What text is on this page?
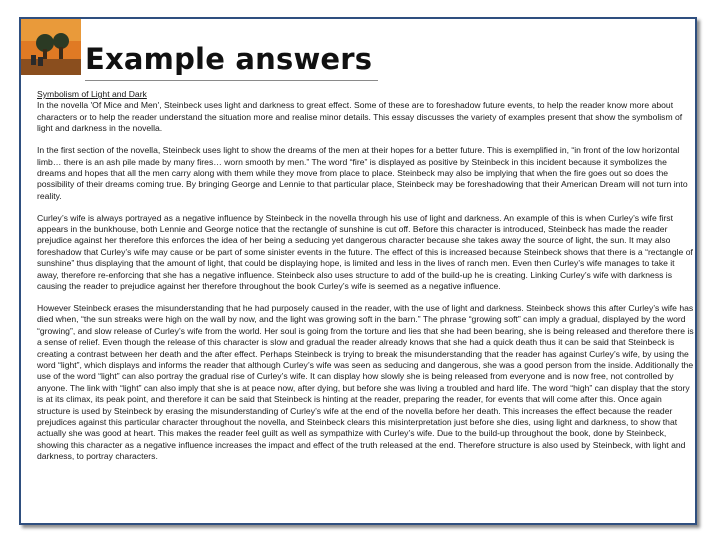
Example answers

Symbolism of Light and Dark

In the novella 'Of Mice and Men', Steinbeck uses light and darkness to great effect. Some of these are to foreshadow future events, to help the reader know more about characters or to help the reader understand the situation more and realise minor details. This essay discusses the variety of examples present that show the symbolism of light and darkness in the novella.

In the first section of the novella, Steinbeck uses light to show the dreams of the men at their hopes for a better future. This is exemplified in, “in front of the low horizontal limb… there is an ash pile made by many fires… worn smooth by men.” The word “fire” is displayed as positive by Steinbeck in this incident because it symbolizes the dreams and hopes that all the men carry along with them while they move from place to place. Steinbeck may also be implying that when the fire goes out so does the possibility of their dreams coming true. By bringing George and Lennie to that particular place, Steinbeck may be foreshadowing that their American Dream will not turn into reality.

Curley’s wife is always portrayed as a negative influence by Steinbeck in the novella through his use of light and darkness. An example of this is when Curley’s wife first appears in the bunkhouse, both Lennie and George notice that the rectangle of sunshine is cut off. Before this character is introduced, Steinbeck has made the reader prejudice against her therefore this enforces the idea of her being a seducing yet dangerous character because she takes away the source of light, the sun. It may also foreshadow that Curley’s wife may cause or be part of some sinister events in the future. The effect of this is increased because Steinbeck shows that there is a “rectangle of sunshine” thus displaying that the amount of light, that could be displaying hope, is limited and less in the lives of ranch men. Even then Curley’s wife manages to take it away, therefore re-enforcing that she has a negative influence. Steinbeck also uses structure to add of the build-up he is creating. Linking Curley’s wife with darkness is causing the reader to prejudice against her therefore throughout the book Curley’s wife is seemed as a negative influence.

However Steinbeck erases the misunderstanding that he had purposely caused in the reader, with the use of light and darkness. Steinbeck shows this after Curley’s wife has died when, “the sun streaks were high on the wall by now, and the light was growing soft in the barn.” The phrase “growing soft” can imply a gradual, displayed by the word “growing”, and slow release of Curley’s wife from the world. Her soul is going from the torture and lies that she had been bearing, she is being released and therefore there is a sense of relief. Even though the release of this character is slow and gradual the reader already knows that she had a quick death thus it can be said that Steinbeck is creating a contrast between her death and the after effect. Perhaps Steinbeck is trying to break the misunderstanding that the reader has against Curley’s wife, by using the word “light”, which displays and informs the reader that although Curley’s wife was seen as seducing and dangerous, she was a good person from the inside. Additionally the use of the word “light” can also portray the gradual rise of Curley’s wife. It can display how slowly she is being released from everyone and is now free, not controlled by anyone. The link with “light” can also imply that she is at peace now, after dying, but before she was living a troubled and hard life. The word “high” can display that the story is at its climax, its peak point, and therefore it can be said that Steinbeck is hinting at the reader, preparing the reader, for events that will come after this. Once again structure is used by Steinbeck by erasing the misunderstanding of Curley’s wife at the end of the novella before her death. This increases the effect because the reader prejudices against this particular character throughout the novella, and Steinbeck clears this misinterpretation just before she dies, using light and darkness, to show that actually she was good at heart. This makes the reader feel guilt as well as sympathize with Curley’s wife. Due to the build-up throughout the book, done by Steinbeck, showing this character as a negative influence increases the impact and effect of the truth released at the end. Therefore structure is also used by Steinbeck, with light and darkness, to portray characters.
